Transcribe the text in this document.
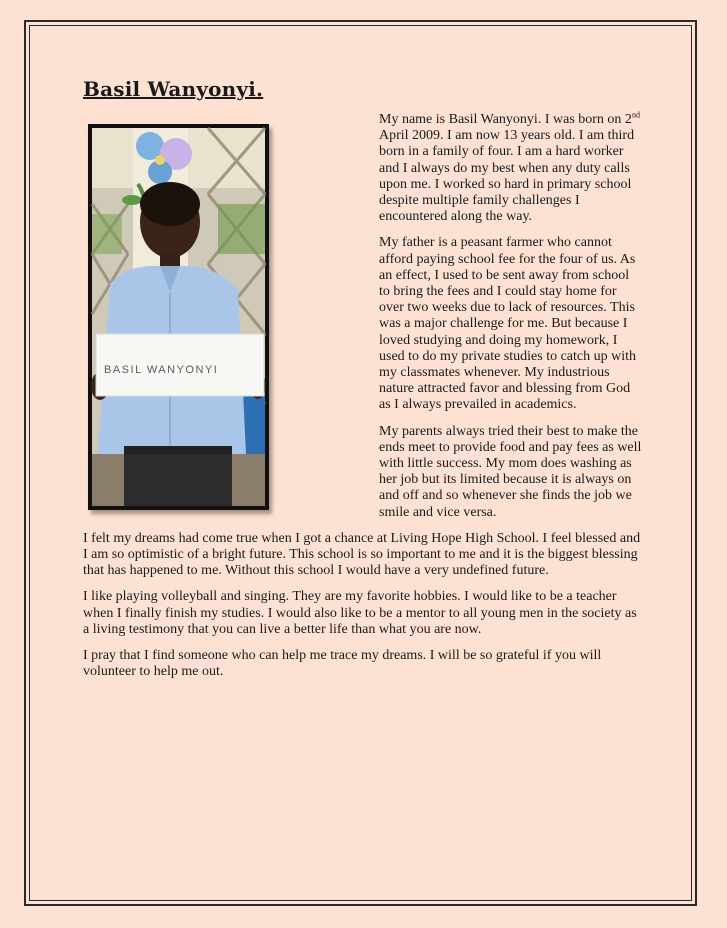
Basil Wanyonyi.
BASIL WANYONYI

My name is Basil Wanyonyi. I was born on 2nd April 2009. I am now 13 years old. I am third born in a family of four. I am a hard worker and I always do my best when any duty calls upon me. I worked so hard in primary school despite multiple family challenges I encountered along the way.

My father is a peasant farmer who cannot afford paying school fee for the four of us. As an effect, I used to be sent away from school to bring the fees and I could stay home for over two weeks due to lack of resources. This was a major challenge for me. But because I loved studying and doing my homework, I used to do my private studies to catch up with my classmates whenever. My industrious nature attracted favor and blessing from God as I always prevailed in academics.

My parents always tried their best to make the ends meet to provide food and pay fees as well with little success. My mom does washing as her job but its limited because it is always on and off and so whenever she finds the job we smile and vice versa.

I felt my dreams had come true when I got a chance at Living Hope High School. I feel blessed and I am so optimistic of a bright future. This school is so important to me and it is the biggest blessing that has happened to me. Without this school I would have a very undefined future.

I like playing volleyball and singing. They are my favorite hobbies. I would like to be a teacher when I finally finish my studies. I would also like to be a mentor to all young men in the society as a living testimony that you can live a better life than what you are now.

I pray that I find someone who can help me trace my dreams. I will be so grateful if you will volunteer to help me out.
